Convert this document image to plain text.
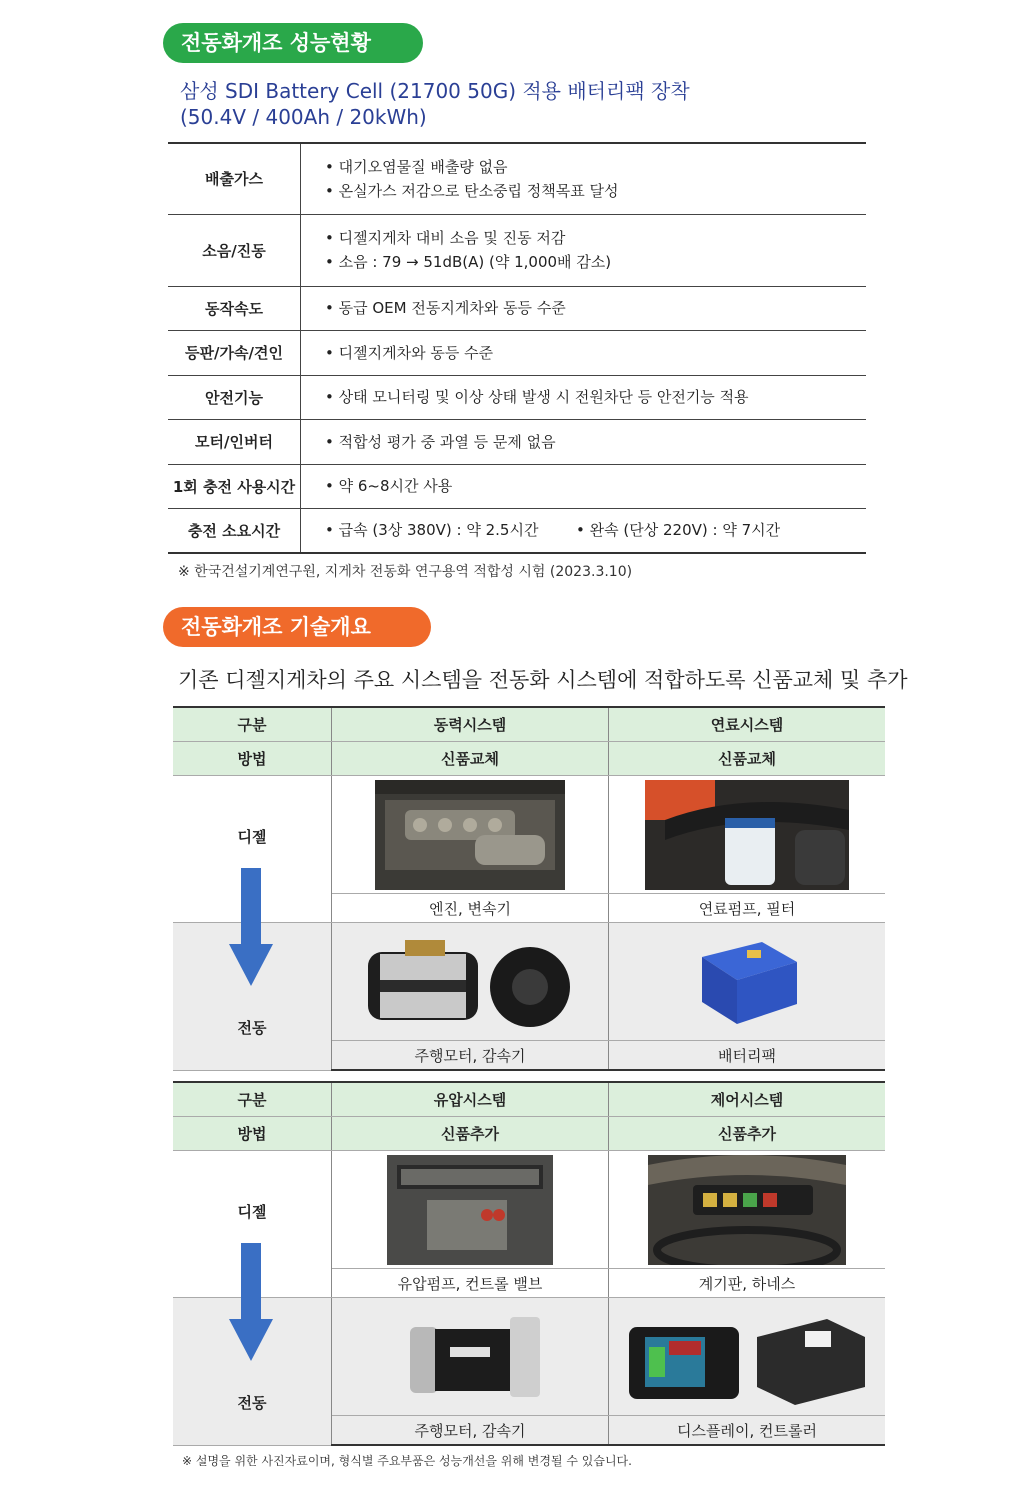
전동화개조 성능현황
삼성 SDI Battery Cell (21700 50G) 적용 배터리팩 장착
(50.4V / 400Ah / 20kWh)
배출가스	• 대기오염물질 배출량 없음
• 온실가스 저감으로 탄소중립 정책목표 달성

소음/진동	• 디젤지게차 대비 소음 및 진동 저감
• 소음 : 79 → 51dB(A) (약 1,000배 감소)

동작속도	• 동급 OEM 전동지게차와 동등 수준
등판/가속/견인	• 디젤지게차와 동등 수준
안전기능	• 상태 모니터링 및 이상 상태 발생 시 전원차단 등 안전기능 적용
모터/인버터	• 적합성 평가 중 과열 등 문제 없음
1회 충전 사용시간	• 약 6~8시간 사용
충전 소요시간	• 급속 (3상 380V) : 약 2.5시간 • 완속 (단상 220V) : 약 7시간
※ 한국건설기계연구원, 지게차 전동화 연구용역 적합성 시험 (2023.3.10)
전동화개조 기술개요
기존 디젤지게차의 주요 시스템을 전동화 시스템에 적합하도록 신품교체 및 추가
구분	동력시스템	연료시스템
방법	신품교체	신품교체
디젤	

	엔진, 변속기	연료펌프, 필터
전동	

	주행모터, 감속기	배터리팩
구분	유압시스템	제어시스템
방법	신품추가	신품추가
디젤	

	유압펌프, 컨트롤 밸브	계기판, 하네스
전동	

	주행모터, 감속기	디스플레이, 컨트롤러
※ 설명을 위한 사진자료이며, 형식별 주요부품은 성능개선을 위해 변경될 수 있습니다.
